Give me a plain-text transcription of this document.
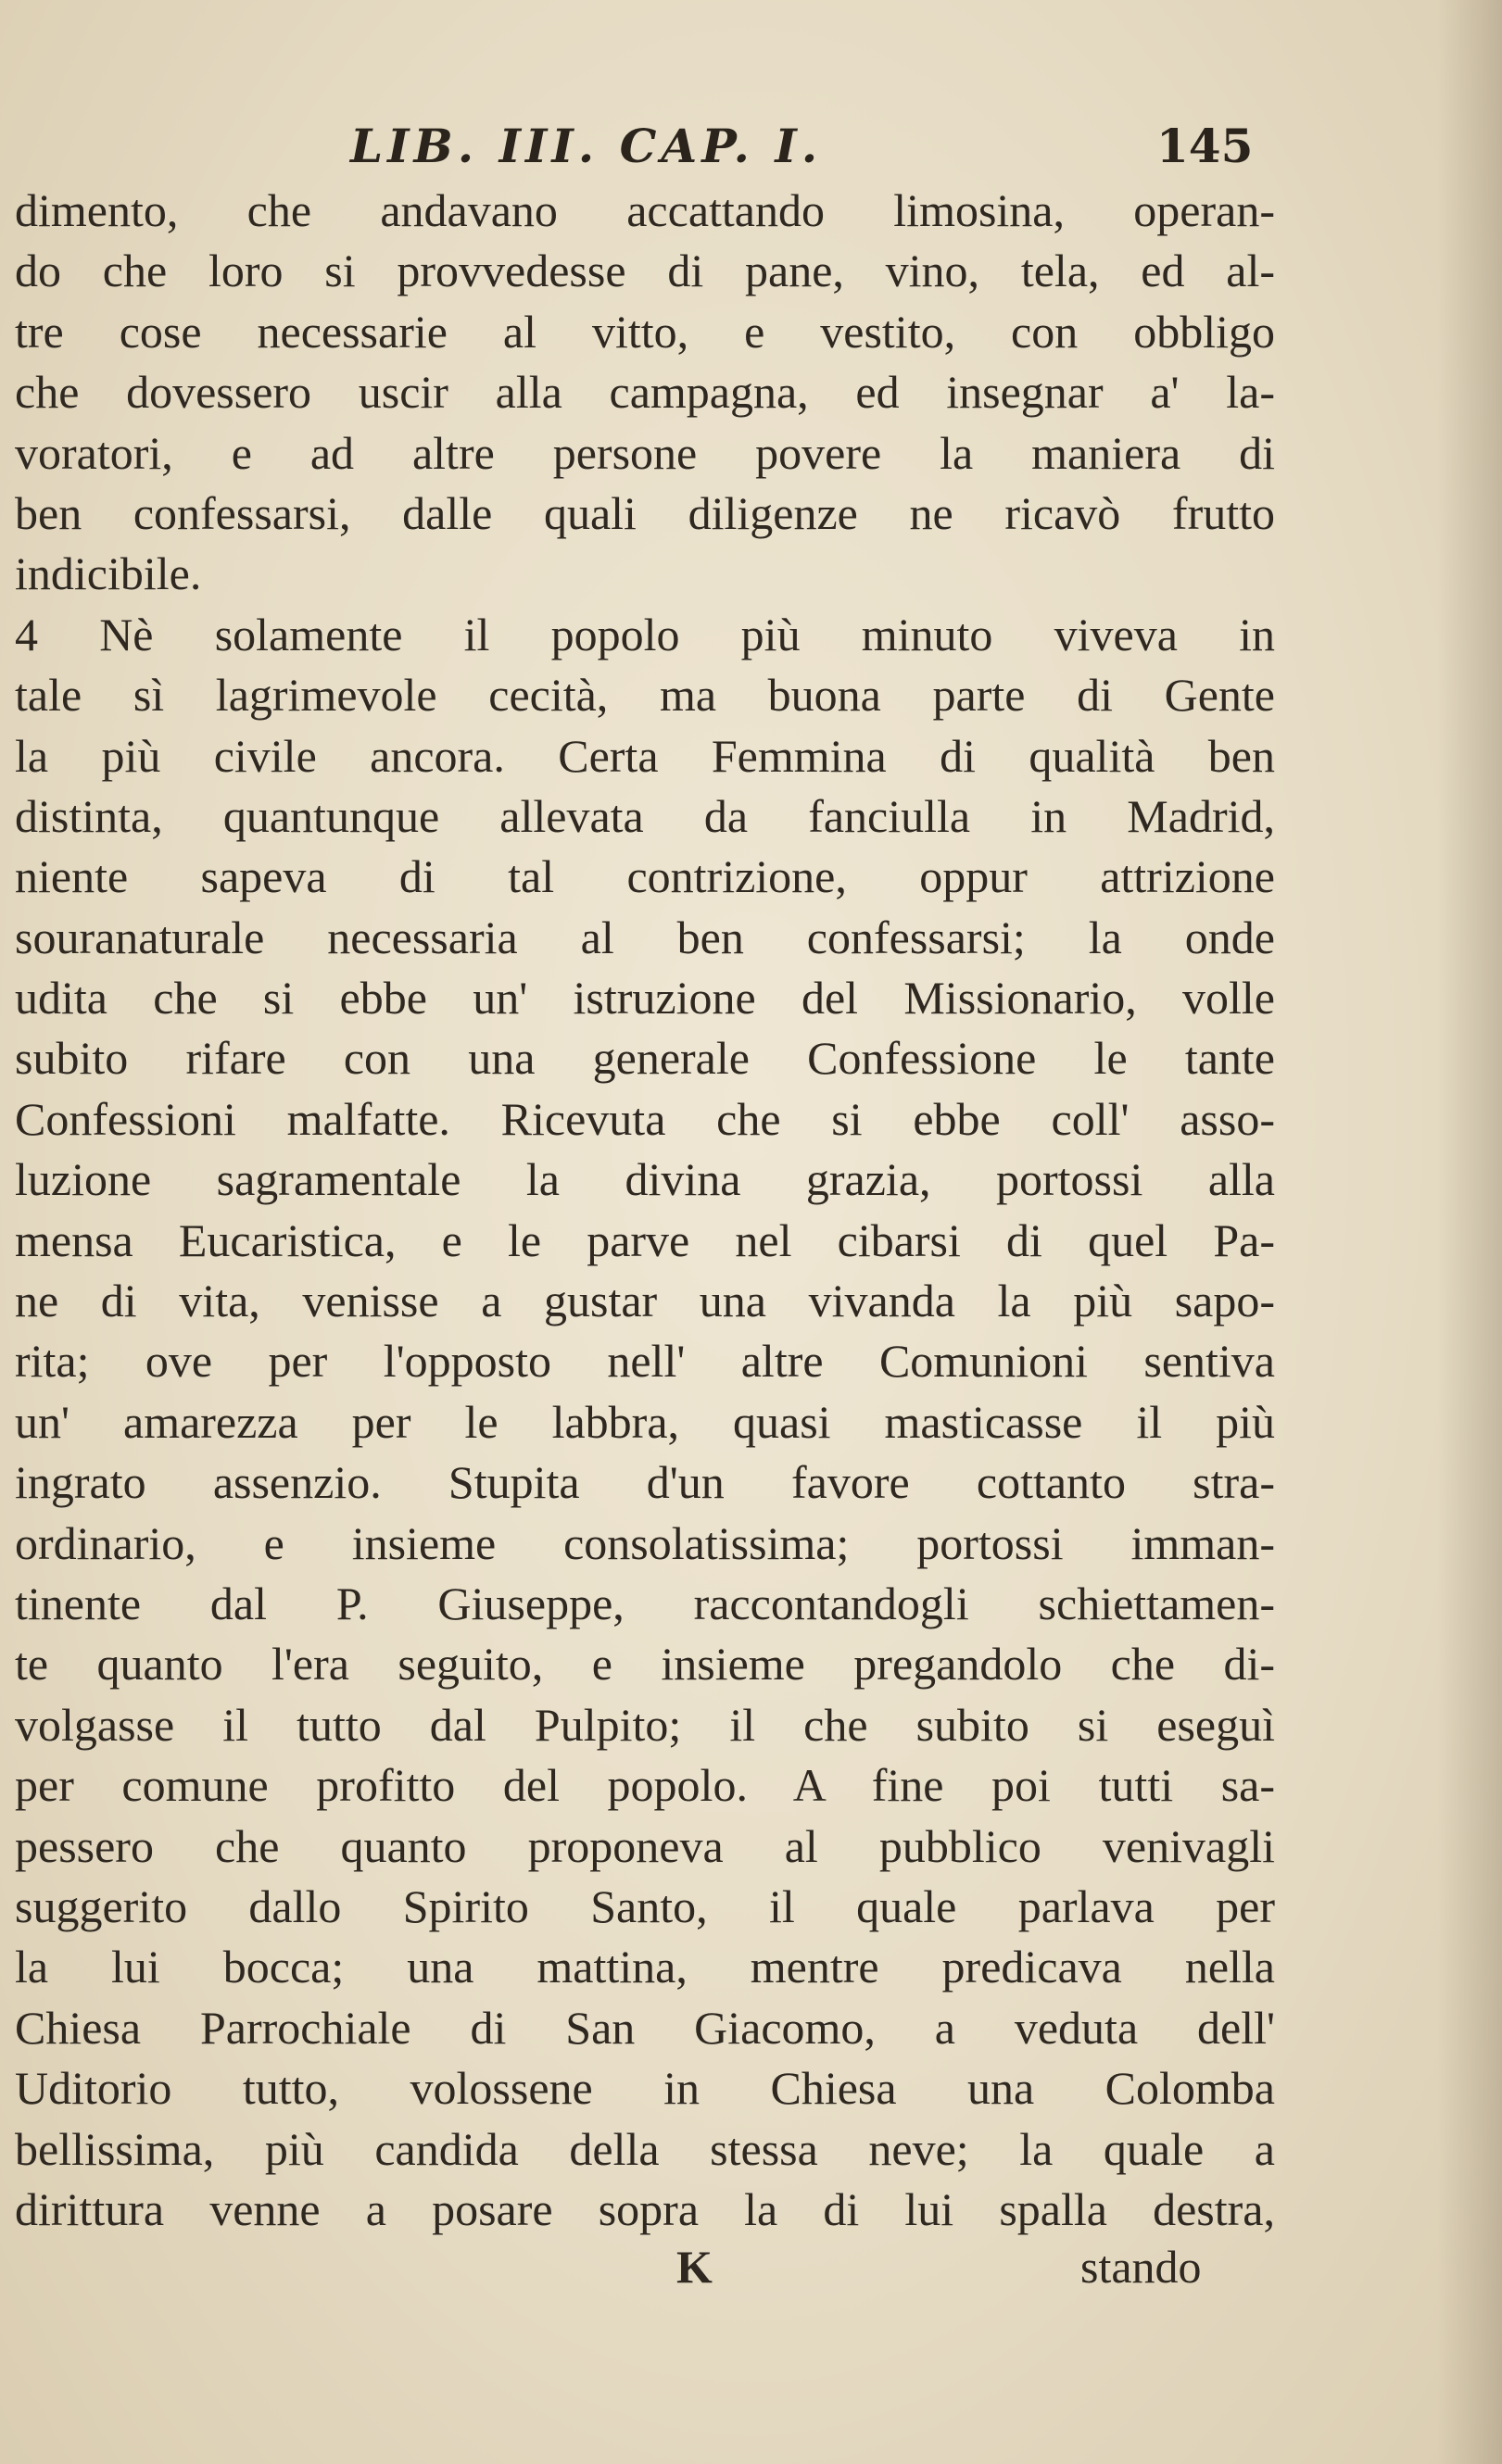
LIB. III. CAP. I.	145
dimento, che andavano accattando limosina, operan-
do che loro si provvedesse di pane, vino, tela, ed al-
tre cose necessarie al vitto, e vestito, con obbligo
che dovessero uscir alla campagna, ed insegnar a' la-
voratori, e ad altre persone povere la maniera di
ben confessarsi, dalle quali diligenze ne ricavò frutto
indicibile.
4 Nè solamente il popolo più minuto viveva in
tale sì lagrimevole cecità, ma buona parte di Gente
la più civile ancora. Certa Femmina di qualità ben
distinta, quantunque allevata da fanciulla in Madrid,
niente sapeva di tal contrizione, oppur attrizione
souranaturale necessaria al ben confessarsi; la onde
udita che si ebbe un' istruzione del Missionario, volle
subito rifare con una generale Confessione le tante
Confessioni malfatte. Ricevuta che si ebbe coll' asso-
luzione sagramentale la divina grazia, portossi alla
mensa Eucaristica, e le parve nel cibarsi di quel Pa-
ne di vita, venisse a gustar una vivanda la più sapo-
rita; ove per l'opposto nell' altre Comunioni sentiva
un' amarezza per le labbra, quasi masticasse il più
ingrato assenzio. Stupita d'un favore cottanto stra-
ordinario, e insieme consolatissima; portossi imman-
tinente dal P. Giuseppe, raccontandogli schiettamen-
te quanto l'era seguito, e insieme pregandolo che di-
volgasse il tutto dal Pulpito; il che subito si eseguì
per comune profitto del popolo. A fine poi tutti sa-
pessero che quanto proponeva al pubblico venivagli
suggerito dallo Spirito Santo, il quale parlava per
la lui bocca; una mattina, mentre predicava nella
Chiesa Parrochiale di San Giacomo, a veduta dell'
Uditorio tutto, volossene in Chiesa una Colomba
bellissima, più candida della stessa neve; la quale a
dirittura venne a posare sopra la di lui spalla destra,
K	stando
